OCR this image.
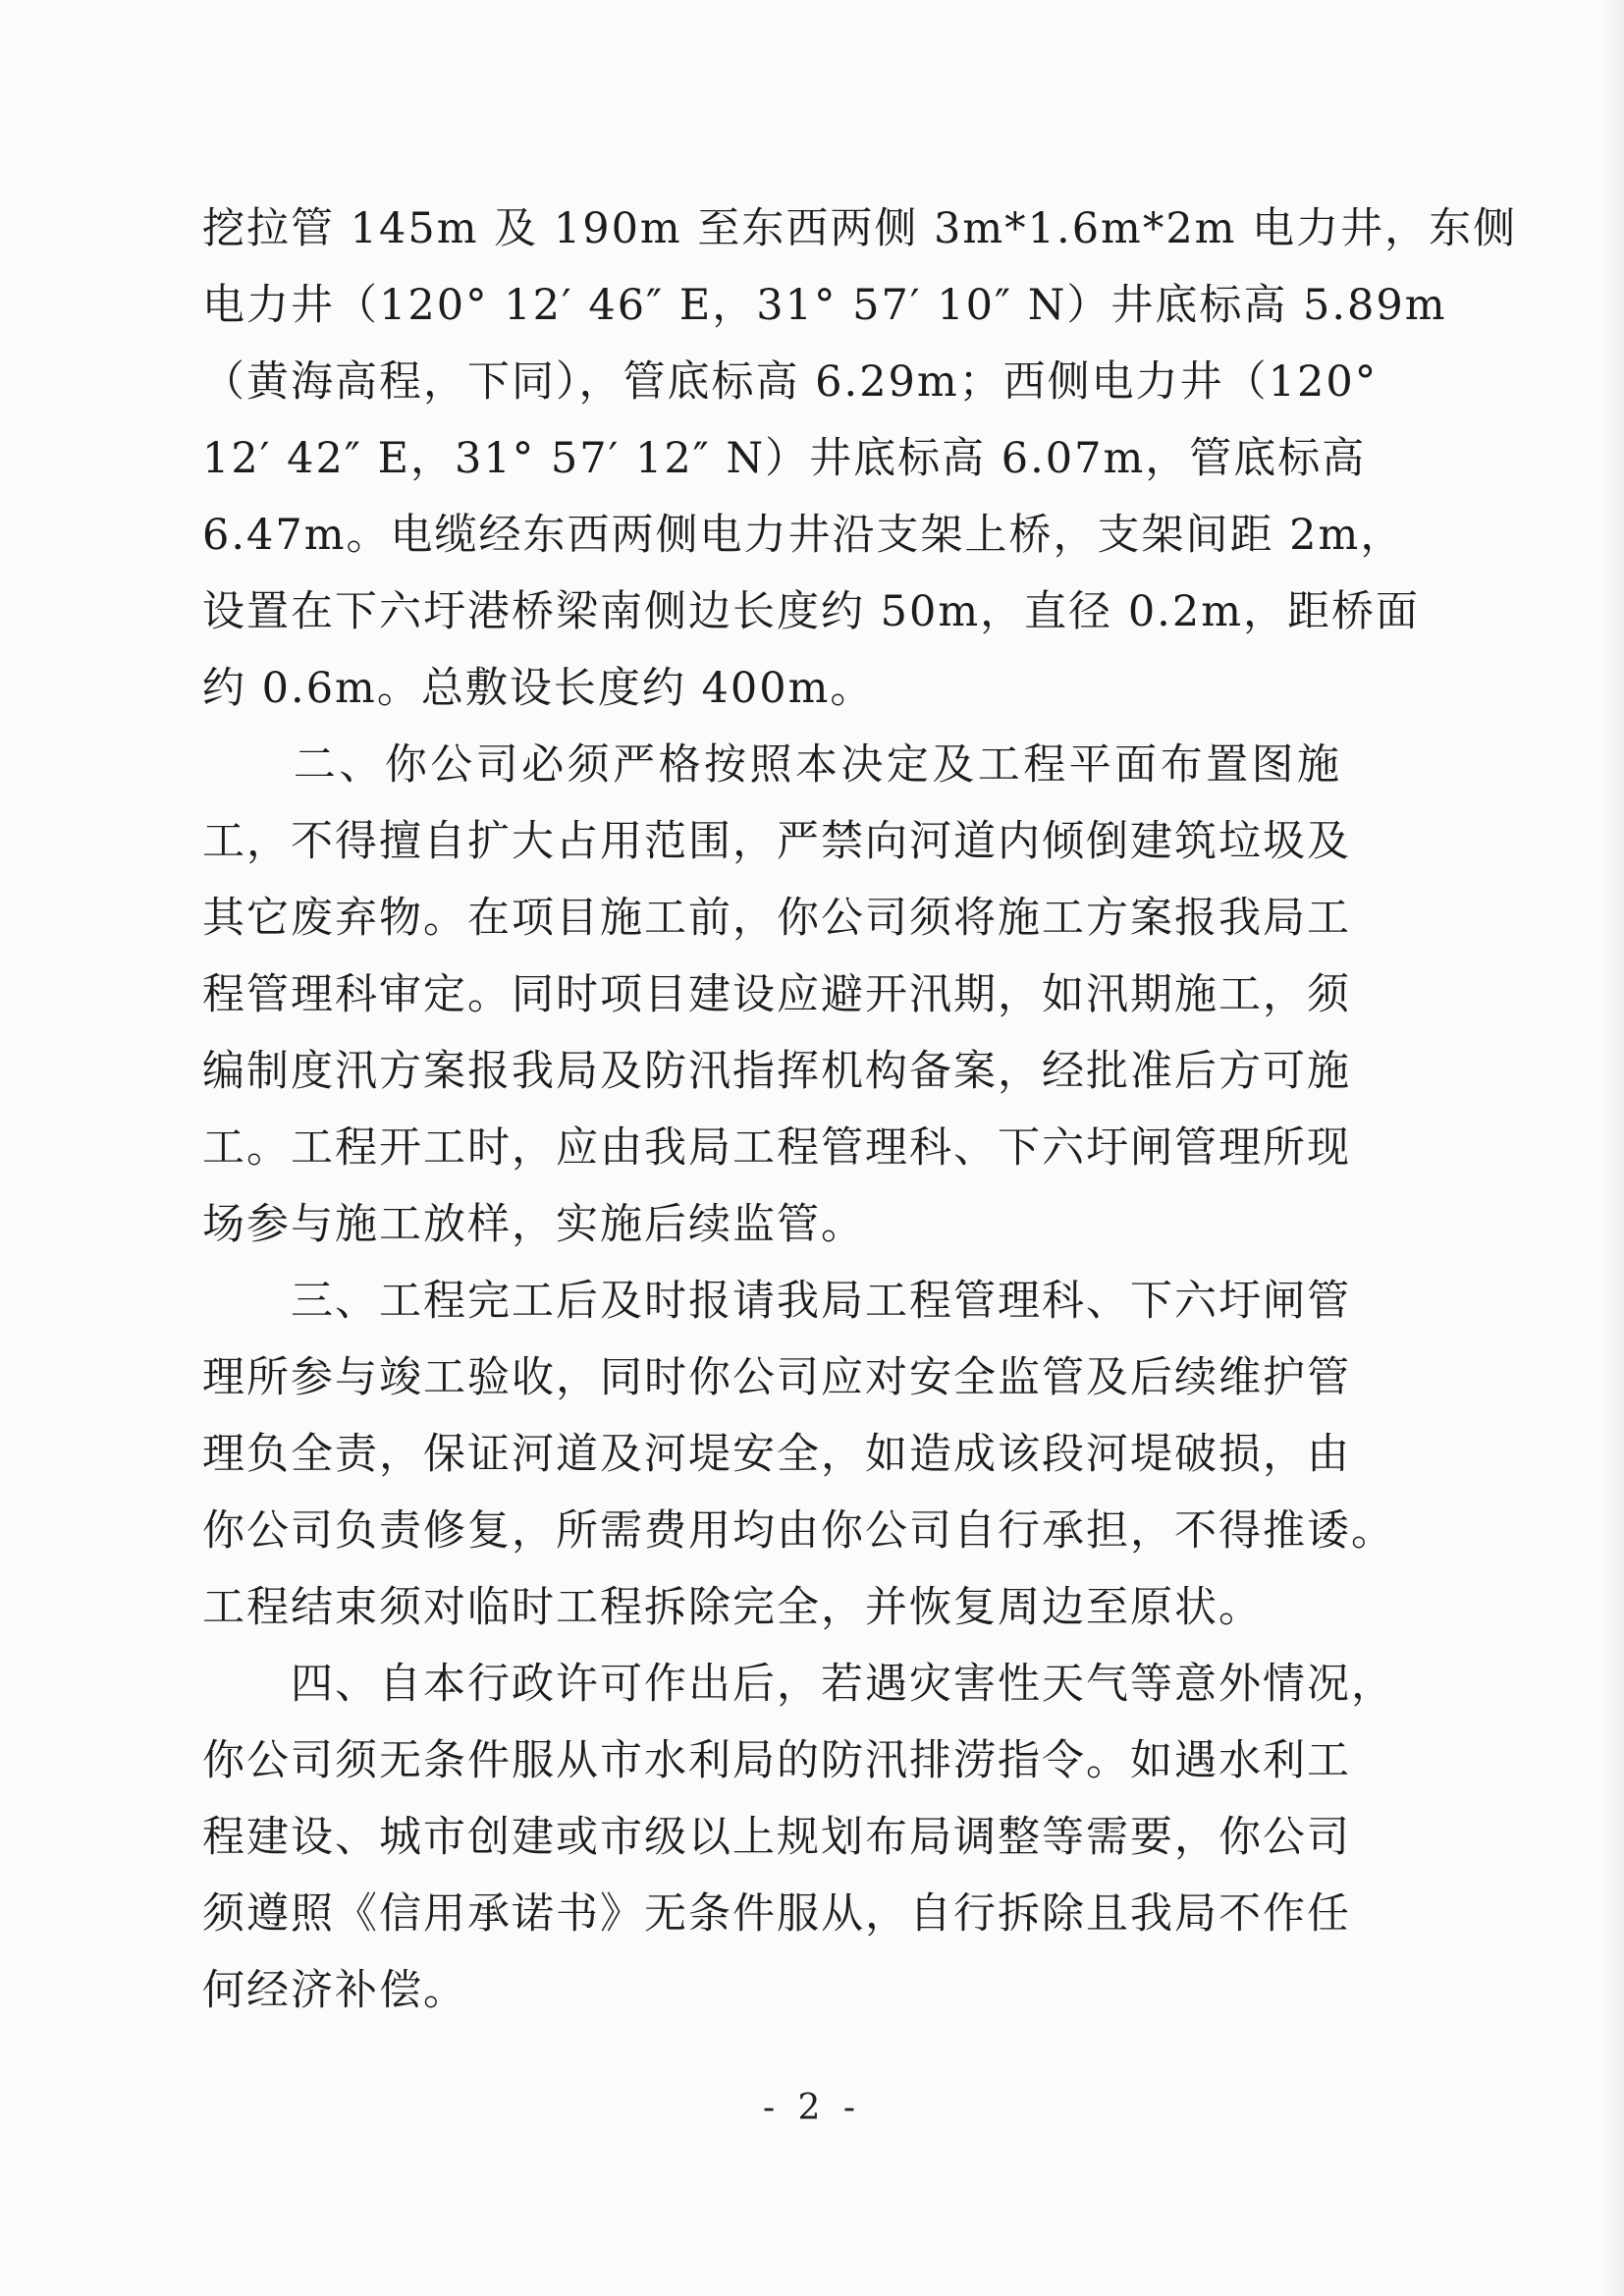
挖拉管 145m 及 190m 至东西两侧 3m*1.6m*2m 电力井，东侧
电力井（120° 12′ 46″ E，31° 57′ 10″ N）井底标高 5.89m
（黄海高程，下同），管底标高 6.29m；西侧电力井（120°
12′ 42″ E，31° 57′ 12″ N）井底标高 6.07m，管底标高
6.47m。电缆经东西两侧电力井沿支架上桥，支架间距 2m，
设置在下六圩港桥梁南侧边长度约 50m，直径 0.2m，距桥面
约 0.6m。总敷设长度约 400m。
　　二、你公司必须严格按照本决定及工程平面布置图施
工，不得擅自扩大占用范围，严禁向河道内倾倒建筑垃圾及
其它废弃物。在项目施工前，你公司须将施工方案报我局工
程管理科审定。同时项目建设应避开汛期，如汛期施工，须
编制度汛方案报我局及防汛指挥机构备案，经批准后方可施
工。工程开工时，应由我局工程管理科、下六圩闸管理所现
场参与施工放样，实施后续监管。
　　三、工程完工后及时报请我局工程管理科、下六圩闸管
理所参与竣工验收，同时你公司应对安全监管及后续维护管
理负全责，保证河道及河堤安全，如造成该段河堤破损，由
你公司负责修复，所需费用均由你公司自行承担，不得推诿。
工程结束须对临时工程拆除完全，并恢复周边至原状。
　　四、自本行政许可作出后，若遇灾害性天气等意外情况，
你公司须无条件服从市水利局的防汛排涝指令。如遇水利工
程建设、城市创建或市级以上规划布局调整等需要，你公司
须遵照《信用承诺书》无条件服从，自行拆除且我局不作任
何经济补偿。
- 2 -
